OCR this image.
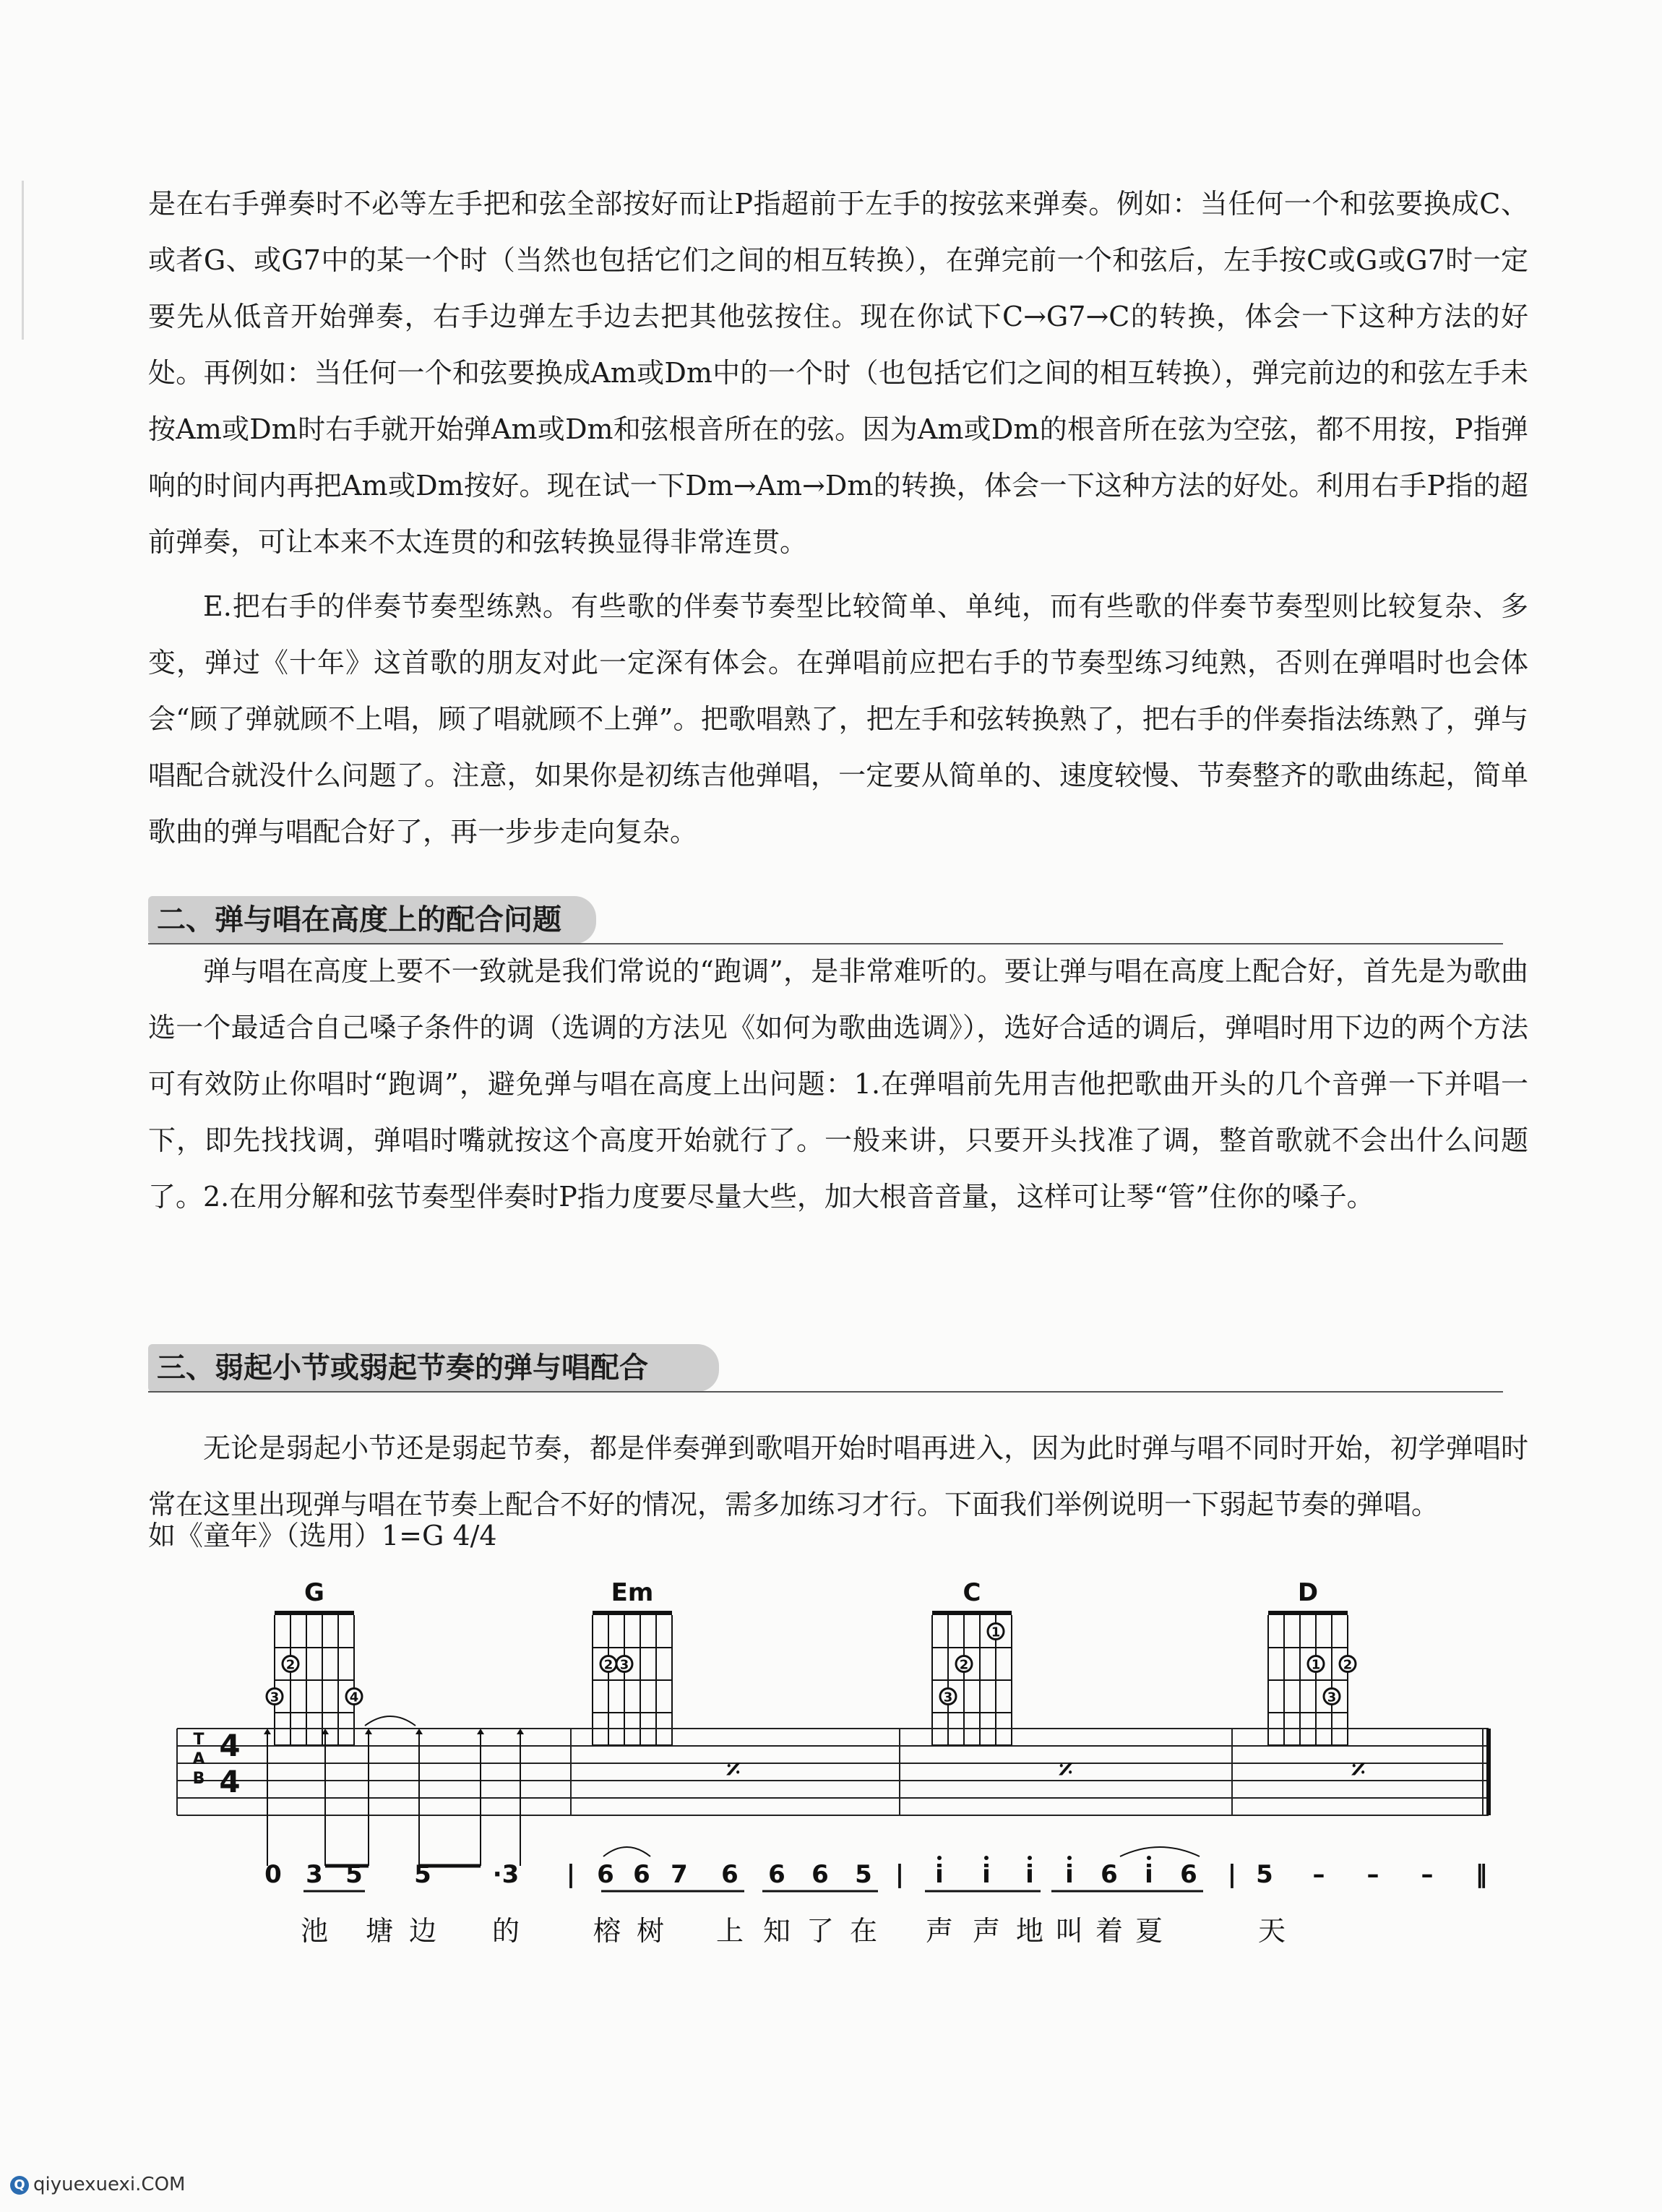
是在右手弹奏时不必等左手把和弦全部按好而让P指超前于左手的按弦来弹奏。例如：当任何一个和弦要换成C、或者G、或G7中的某一个时（当然也包括它们之间的相互转换），在弹完前一个和弦后，左手按C或G或G7时一定要先从低音开始弹奏，右手边弹左手边去把其他弦按住。现在你试下C→G7→C的转换，体会一下这种方法的好处。再例如：当任何一个和弦要换成Am或Dm中的一个时（也包括它们之间的相互转换），弹完前边的和弦左手未按Am或Dm时右手就开始弹Am或Dm和弦根音所在的弦。因为Am或Dm的根音所在弦为空弦，都不用按，P指弹响的时间内再把Am或Dm按好。现在试一下Dm→Am→Dm的转换，体会一下这种方法的好处。利用右手P指的超前弹奏，可让本来不太连贯的和弦转换显得非常连贯。

E.把右手的伴奏节奏型练熟。有些歌的伴奏节奏型比较简单、单纯，而有些歌的伴奏节奏型则比较复杂、多变，弹过《十年》这首歌的朋友对此一定深有体会。在弹唱前应把右手的节奏型练习纯熟，否则在弹唱时也会体会“顾了弹就顾不上唱，顾了唱就顾不上弹”。把歌唱熟了，把左手和弦转换熟了，把右手的伴奏指法练熟了，弹与唱配合就没什么问题了。注意，如果你是初练吉他弹唱，一定要从简单的、速度较慢、节奏整齐的歌曲练起，简单歌曲的弹与唱配合好了，再一步步走向复杂。

二、弹与唱在高度上的配合问题

弹与唱在高度上要不一致就是我们常说的“跑调”，是非常难听的。要让弹与唱在高度上配合好，首先是为歌曲选一个最适合自己嗓子条件的调（选调的方法见《如何为歌曲选调》），选好合适的调后，弹唱时用下边的两个方法可有效防止你唱时“跑调”，避免弹与唱在高度上出问题：1.在弹唱前先用吉他把歌曲开头的几个音弹一下并唱一下，即先找找调，弹唱时嘴就按这个高度开始就行了。一般来讲，只要开头找准了调，整首歌就不会出什么问题了。2.在用分解和弦节奏型伴奏时P指力度要尽量大些，加大根音音量，这样可让琴“管”住你的嗓子。

三、弱起小节或弱起节奏的弹与唱配合

无论是弱起小节还是弱起节奏，都是伴奏弹到歌唱开始时唱再进入，因为此时弹与唱不同时开始，初学弹唱时常在这里出现弹与唱在节奏上配合不好的情况，需多加练习才行。下面我们举例说明一下弱起节奏的弹唱。

如《童年》（选用）1=G 4/4
G
2
3	4
Em
2 3
C
1
2
3
D
1 2
3
T
A
B
4
4	𝄎	𝄎	𝄎
0 3 5 5 ·3 | 6 6 7 6 6 6 5 | i i i i 6 i 6 | 5 – – – ‖
池 塘 边 的	榕 树 上 知 了 在 声 声 地 叫 着 夏	天
Q qiyuexuexi.COM
